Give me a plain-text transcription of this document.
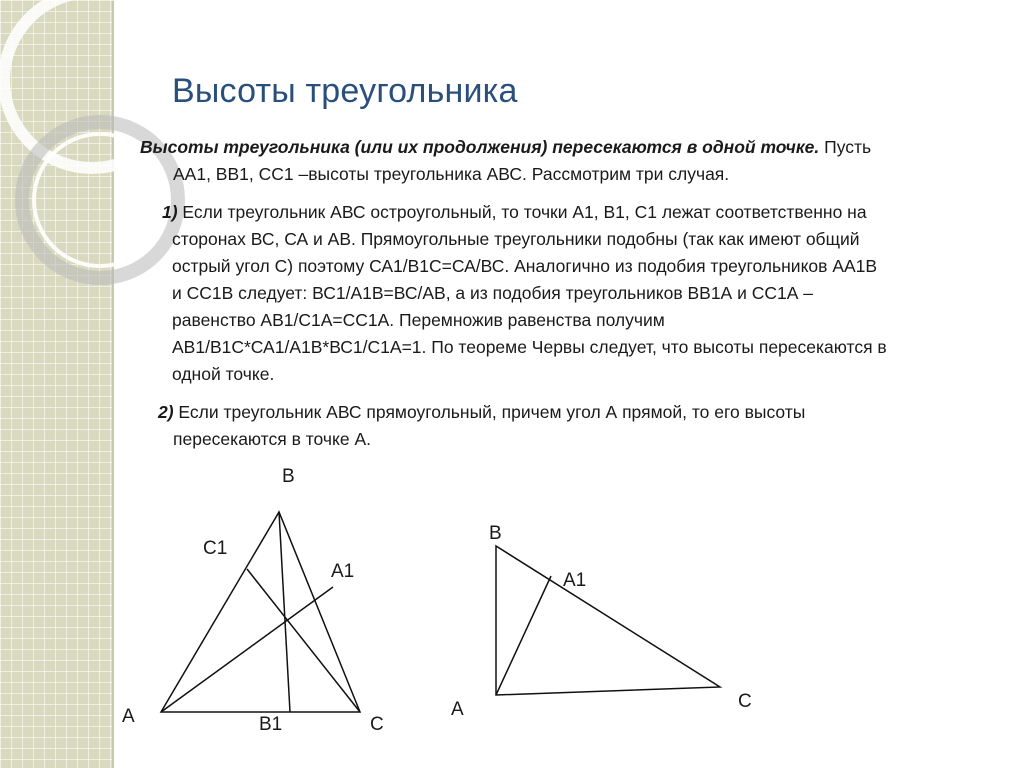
Высоты треугольника
Высоты треугольника (или их продолжения) пересекаются в одной точке. Пусть
АА1, ВВ1, СС1 –высоты треугольника АВС. Рассмотрим три случая.
1) Если треугольник АВС остроугольный, то точки А1, В1, С1 лежат соответственно на
сторонах ВС, СА и АВ. Прямоугольные треугольники подобны (так как имеют общий
острый угол С) поэтому СА1/В1С=СА/ВС. Аналогично из подобия треугольников АА1В
и СС1В следует: ВС1/А1В=ВС/АВ, а из подобия треугольников ВВ1А и СС1А –
равенство АВ1/С1А=СС1А. Перемножив равенства получим
АВ1/В1С*СА1/А1В*ВС1/С1А=1. По теореме Червы следует, что высоты пересекаются в
одной точке.
2) Если треугольник АВС прямоугольный, причем угол А прямой, то его высоты
пересекаются в точке А.
В
С1
А1
А	В1	С
В
А1
А	С
